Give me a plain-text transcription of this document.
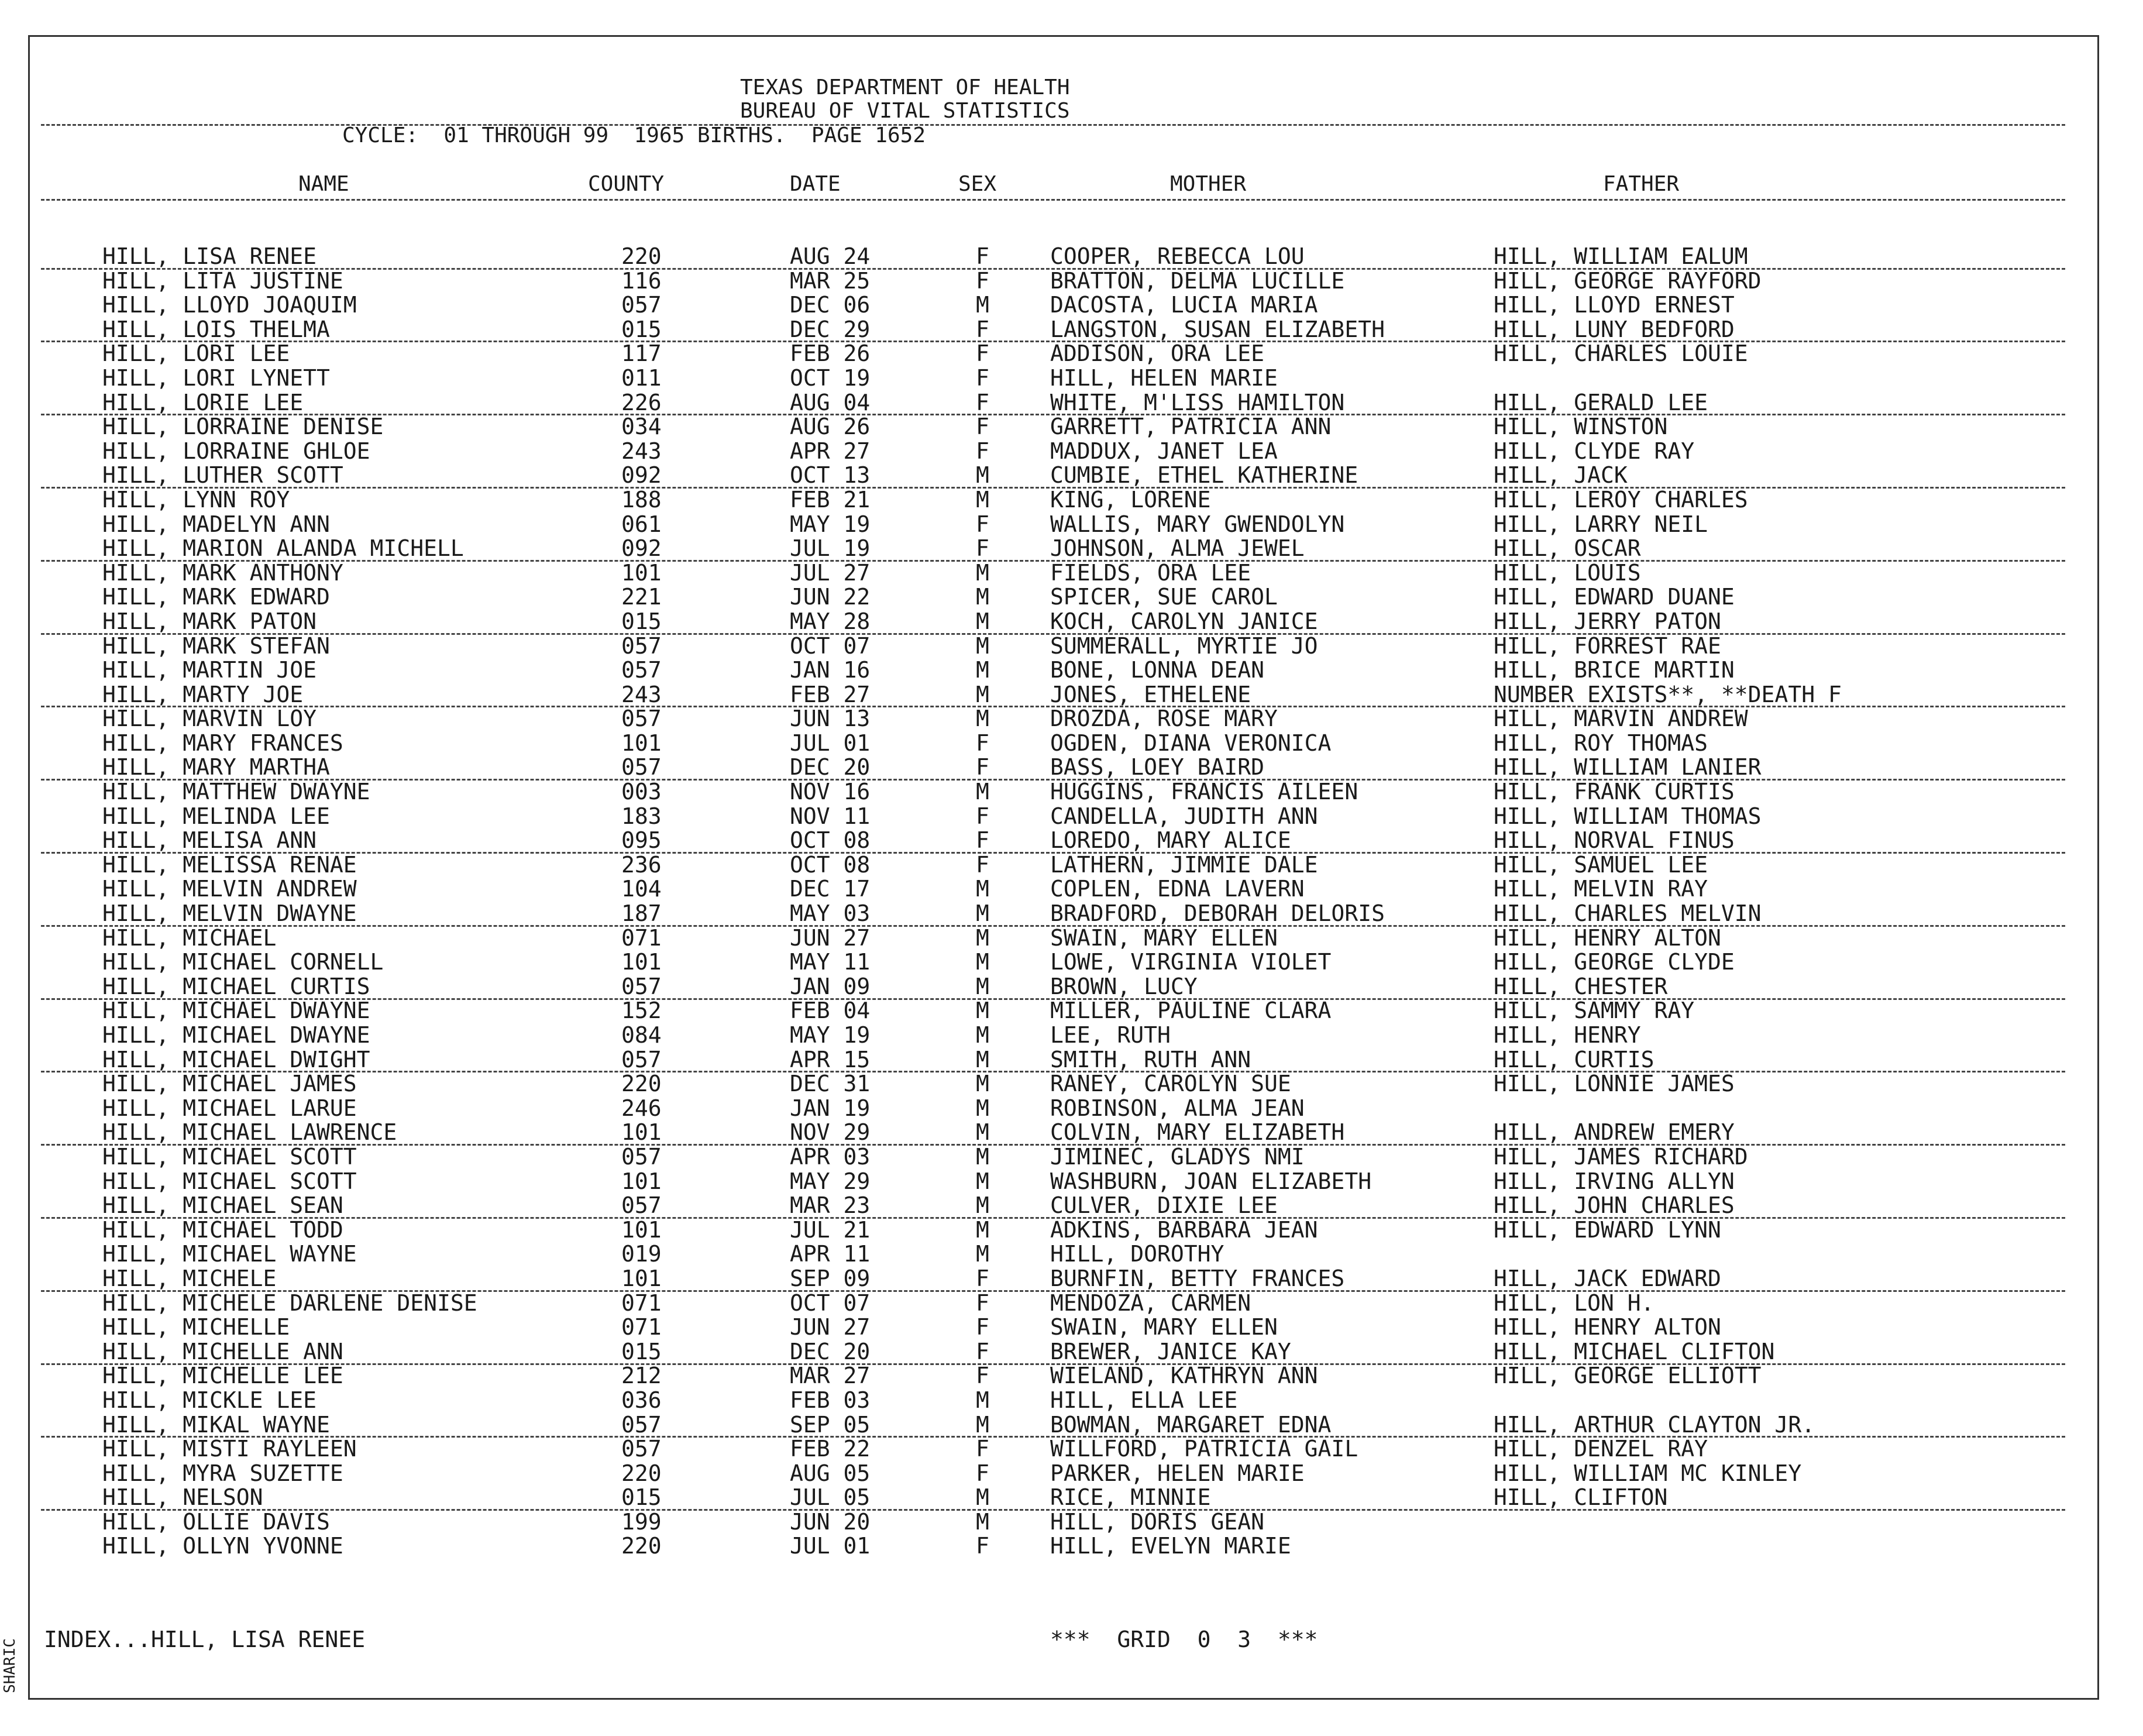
TEXAS DEPARTMENT OF HEALTH
BUREAU OF VITAL STATISTICS
CYCLE:  01 THROUGH 99  1965 BIRTHS.  PAGE 1652
NAME	COUNTY	DATE	SEX	MOTHER	FATHER
HILL, LISA RENEE	220	AUG 24	F	COOPER, REBECCA LOU	HILL, WILLIAM EALUM
HILL, LITA JUSTINE	116	MAR 25	F	BRATTON, DELMA LUCILLE	HILL, GEORGE RAYFORD
HILL, LLOYD JOAQUIM	057	DEC 06	M	DACOSTA, LUCIA MARIA	HILL, LLOYD ERNEST
HILL, LOIS THELMA	015	DEC 29	F	LANGSTON, SUSAN ELIZABETH	HILL, LUNY BEDFORD
HILL, LORI LEE	117	FEB 26	F	ADDISON, ORA LEE	HILL, CHARLES LOUIE
HILL, LORI LYNETT	011	OCT 19	F	HILL, HELEN MARIE
HILL, LORIE LEE	226	AUG 04	F	WHITE, M'LISS HAMILTON	HILL, GERALD LEE
HILL, LORRAINE DENISE	034	AUG 26	F	GARRETT, PATRICIA ANN	HILL, WINSTON
HILL, LORRAINE GHLOE	243	APR 27	F	MADDUX, JANET LEA	HILL, CLYDE RAY
HILL, LUTHER SCOTT	092	OCT 13	M	CUMBIE, ETHEL KATHERINE	HILL, JACK
HILL, LYNN ROY	188	FEB 21	M	KING, LORENE	HILL, LEROY CHARLES
HILL, MADELYN ANN	061	MAY 19	F	WALLIS, MARY GWENDOLYN	HILL, LARRY NEIL
HILL, MARION ALANDA MICHELL	092	JUL 19	F	JOHNSON, ALMA JEWEL	HILL, OSCAR
HILL, MARK ANTHONY	101	JUL 27	M	FIELDS, ORA LEE	HILL, LOUIS
HILL, MARK EDWARD	221	JUN 22	M	SPICER, SUE CAROL	HILL, EDWARD DUANE
HILL, MARK PATON	015	MAY 28	M	KOCH, CAROLYN JANICE	HILL, JERRY PATON
HILL, MARK STEFAN	057	OCT 07	M	SUMMERALL, MYRTIE JO	HILL, FORREST RAE
HILL, MARTIN JOE	057	JAN 16	M	BONE, LONNA DEAN	HILL, BRICE MARTIN
HILL, MARTY JOE	243	FEB 27	M	JONES, ETHELENE	NUMBER EXISTS**, **DEATH F
HILL, MARVIN LOY	057	JUN 13	M	DROZDA, ROSE MARY	HILL, MARVIN ANDREW
HILL, MARY FRANCES	101	JUL 01	F	OGDEN, DIANA VERONICA	HILL, ROY THOMAS
HILL, MARY MARTHA	057	DEC 20	F	BASS, LOEY BAIRD	HILL, WILLIAM LANIER
HILL, MATTHEW DWAYNE	003	NOV 16	M	HUGGINS, FRANCIS AILEEN	HILL, FRANK CURTIS
HILL, MELINDA LEE	183	NOV 11	F	CANDELLA, JUDITH ANN	HILL, WILLIAM THOMAS
HILL, MELISA ANN	095	OCT 08	F	LOREDO, MARY ALICE	HILL, NORVAL FINUS
HILL, MELISSA RENAE	236	OCT 08	F	LATHERN, JIMMIE DALE	HILL, SAMUEL LEE
HILL, MELVIN ANDREW	104	DEC 17	M	COPLEN, EDNA LAVERN	HILL, MELVIN RAY
HILL, MELVIN DWAYNE	187	MAY 03	M	BRADFORD, DEBORAH DELORIS	HILL, CHARLES MELVIN
HILL, MICHAEL	071	JUN 27	M	SWAIN, MARY ELLEN	HILL, HENRY ALTON
HILL, MICHAEL CORNELL	101	MAY 11	M	LOWE, VIRGINIA VIOLET	HILL, GEORGE CLYDE
HILL, MICHAEL CURTIS	057	JAN 09	M	BROWN, LUCY	HILL, CHESTER
HILL, MICHAEL DWAYNE	152	FEB 04	M	MILLER, PAULINE CLARA	HILL, SAMMY RAY
HILL, MICHAEL DWAYNE	084	MAY 19	M	LEE, RUTH	HILL, HENRY
HILL, MICHAEL DWIGHT	057	APR 15	M	SMITH, RUTH ANN	HILL, CURTIS
HILL, MICHAEL JAMES	220	DEC 31	M	RANEY, CAROLYN SUE	HILL, LONNIE JAMES
HILL, MICHAEL LARUE	246	JAN 19	M	ROBINSON, ALMA JEAN
HILL, MICHAEL LAWRENCE	101	NOV 29	M	COLVIN, MARY ELIZABETH	HILL, ANDREW EMERY
HILL, MICHAEL SCOTT	057	APR 03	M	JIMINEC, GLADYS NMI	HILL, JAMES RICHARD
HILL, MICHAEL SCOTT	101	MAY 29	M	WASHBURN, JOAN ELIZABETH	HILL, IRVING ALLYN
HILL, MICHAEL SEAN	057	MAR 23	M	CULVER, DIXIE LEE	HILL, JOHN CHARLES
HILL, MICHAEL TODD	101	JUL 21	M	ADKINS, BARBARA JEAN	HILL, EDWARD LYNN
HILL, MICHAEL WAYNE	019	APR 11	M	HILL, DOROTHY
HILL, MICHELE	101	SEP 09	F	BURNFIN, BETTY FRANCES	HILL, JACK EDWARD
HILL, MICHELE DARLENE DENISE	071	OCT 07	F	MENDOZA, CARMEN	HILL, LON H.
HILL, MICHELLE	071	JUN 27	F	SWAIN, MARY ELLEN	HILL, HENRY ALTON
HILL, MICHELLE ANN	015	DEC 20	F	BREWER, JANICE KAY	HILL, MICHAEL CLIFTON
HILL, MICHELLE LEE	212	MAR 27	F	WIELAND, KATHRYN ANN	HILL, GEORGE ELLIOTT
HILL, MICKLE LEE	036	FEB 03	M	HILL, ELLA LEE
HILL, MIKAL WAYNE	057	SEP 05	M	BOWMAN, MARGARET EDNA	HILL, ARTHUR CLAYTON JR.
HILL, MISTI RAYLEEN	057	FEB 22	F	WILLFORD, PATRICIA GAIL	HILL, DENZEL RAY
HILL, MYRA SUZETTE	220	AUG 05	F	PARKER, HELEN MARIE	HILL, WILLIAM MC KINLEY
HILL, NELSON	015	JUL 05	M	RICE, MINNIE	HILL, CLIFTON
HILL, OLLIE DAVIS	199	JUN 20	M	HILL, DORIS GEAN
HILL, OLLYN YVONNE	220	JUL 01	F	HILL, EVELYN MARIE
INDEX...HILL, LISA RENEE	***  GRID  0  3  ***
SHARIC
